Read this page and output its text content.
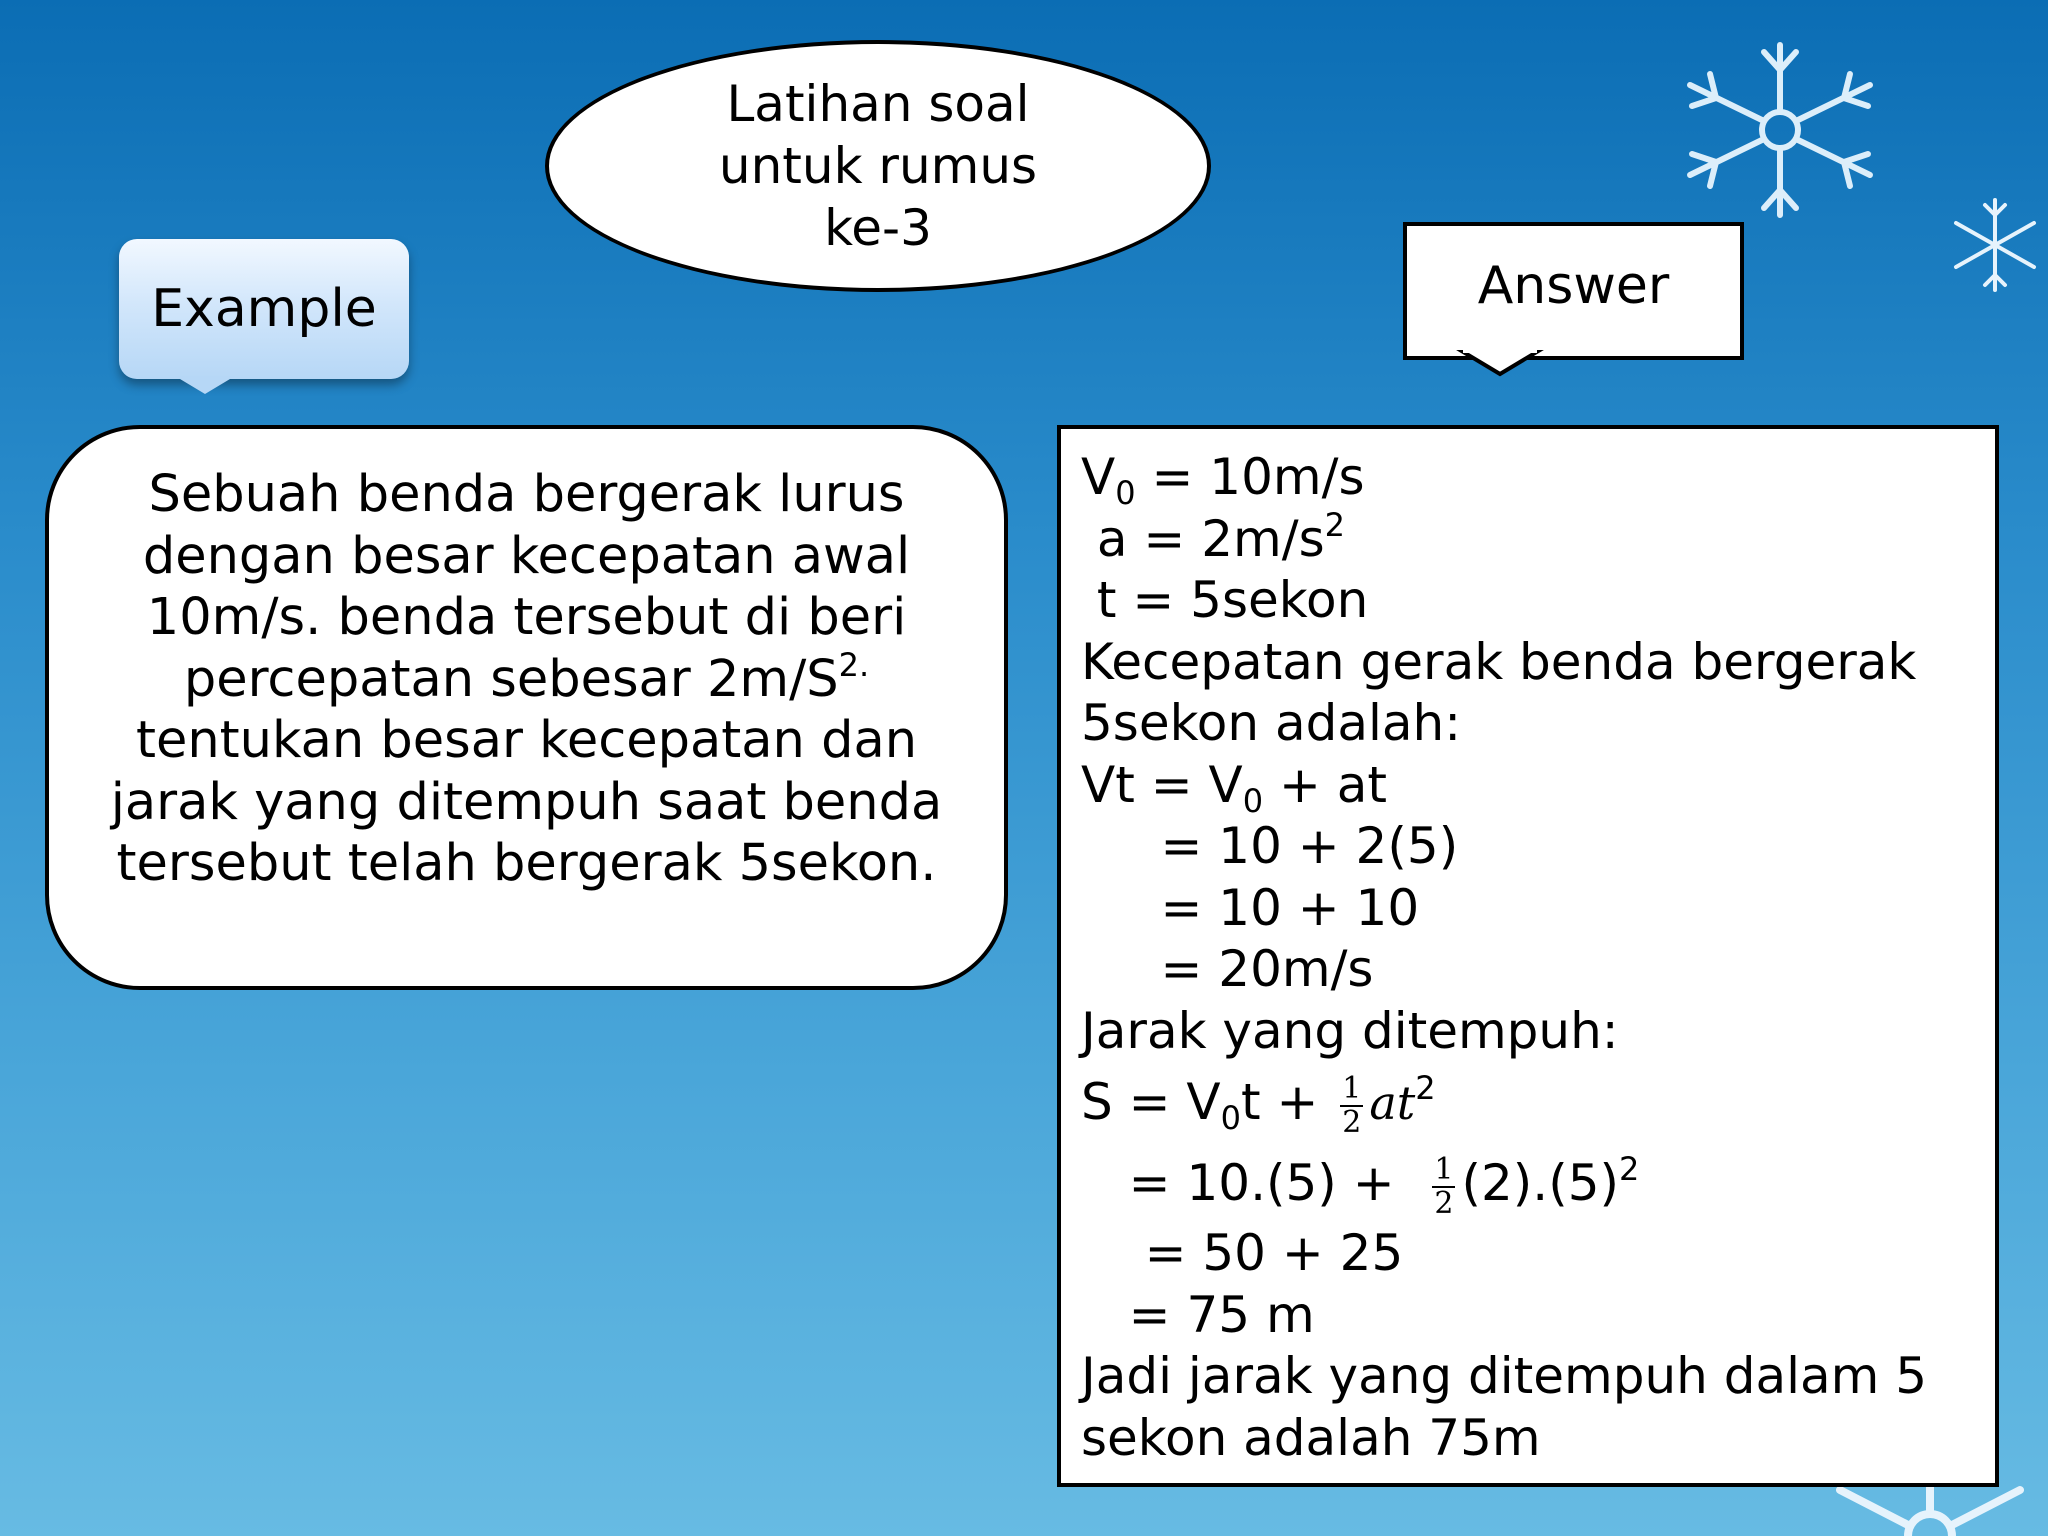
Latihan soal
untuk rumus
ke-3
Example	Answer
Sebuah benda bergerak lurus
dengan besar kecepatan awal
10m/s. benda tersebut di beri
percepatan sebesar $2m/S^{2.}$
tentukan besar kecepatan dan
jarak yang ditempuh saat benda
tersebut telah bergerak 5sekon.
$V_0 = 10m/s$
$a = 2m/s^2$
t = 5sekon
Kecepatan gerak benda bergerak
5sekon adalah:
$Vt = V_0$ + at
= 10 + 2(5)
= 10 + 10
= 20m/s
Jarak yang ditempuh:
$S = V_0t + \frac{1}{2} at^2$
= $10.(5) + \frac{1}{2} (2).(5)^2$
= 50 + 25
= 75 m
Jadi jarak yang ditempuh dalam 5
sekon adalah 75m
